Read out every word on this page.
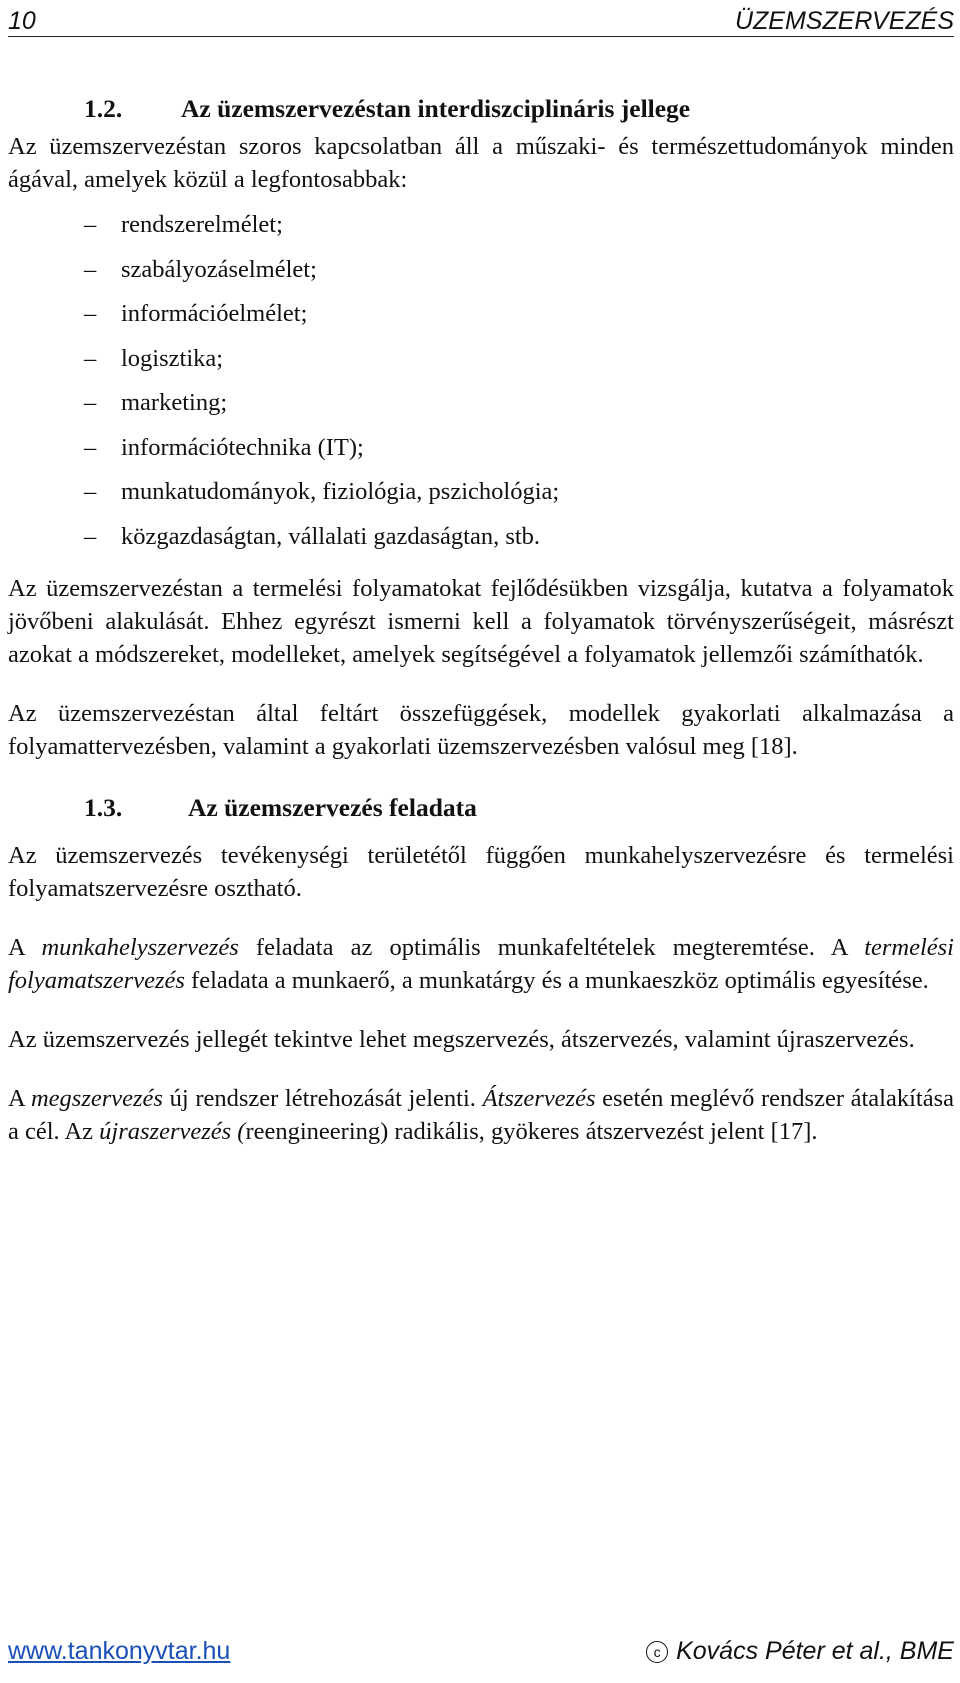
10	ÜZEMSZERVEZÉS
1.2.	Az üzemszervezéstan interdiszciplináris jellege

Az üzemszervezéstan szoros kapcsolatban áll a műszaki- és természettudományok minden ágával, amelyek közül a legfontosabbak:

– rendszerelmélet;
– szabályozáselmélet;
– információelmélet;
– logisztika;
– marketing;
– információtechnika (IT);
– munkatudományok, fiziológia, pszichológia;
– közgazdaságtan, vállalati gazdaságtan, stb.

Az üzemszervezéstan a termelési folyamatokat fejlődésükben vizsgálja, kutatva a folyamatok jövőbeni alakulását. Ehhez egyrészt ismerni kell a folyamatok törvényszerűségeit, másrészt azokat a módszereket, modelleket, amelyek segítségével a folyamatok jellemzői számíthatók.

Az üzemszervezéstan által feltárt összefüggések, modellek gyakorlati alkalmazása a folyamattervezésben, valamint a gyakorlati üzemszervezésben valósul meg [18].

1.3.	Az üzemszervezés feladata

Az üzemszervezés tevékenységi területétől függően munkahelyszervezésre és termelési folyamatszervezésre osztható.

A munkahelyszervezés feladata az optimális munkafeltételek megteremtése. A termelési folyamatszervezés feladata a munkaerő, a munkatárgy és a munkaeszköz optimális egyesítése.

Az üzemszervezés jellegét tekintve lehet megszervezés, átszervezés, valamint újraszervezés.

A megszervezés új rendszer létrehozását jelenti. Átszervezés esetén meglévő rendszer átalakítása a cél. Az újraszervezés (reengineering) radikális, gyökeres átszervezést jelent [17].

www.tankonyvtar.hu	c Kovács Péter et al., BME
